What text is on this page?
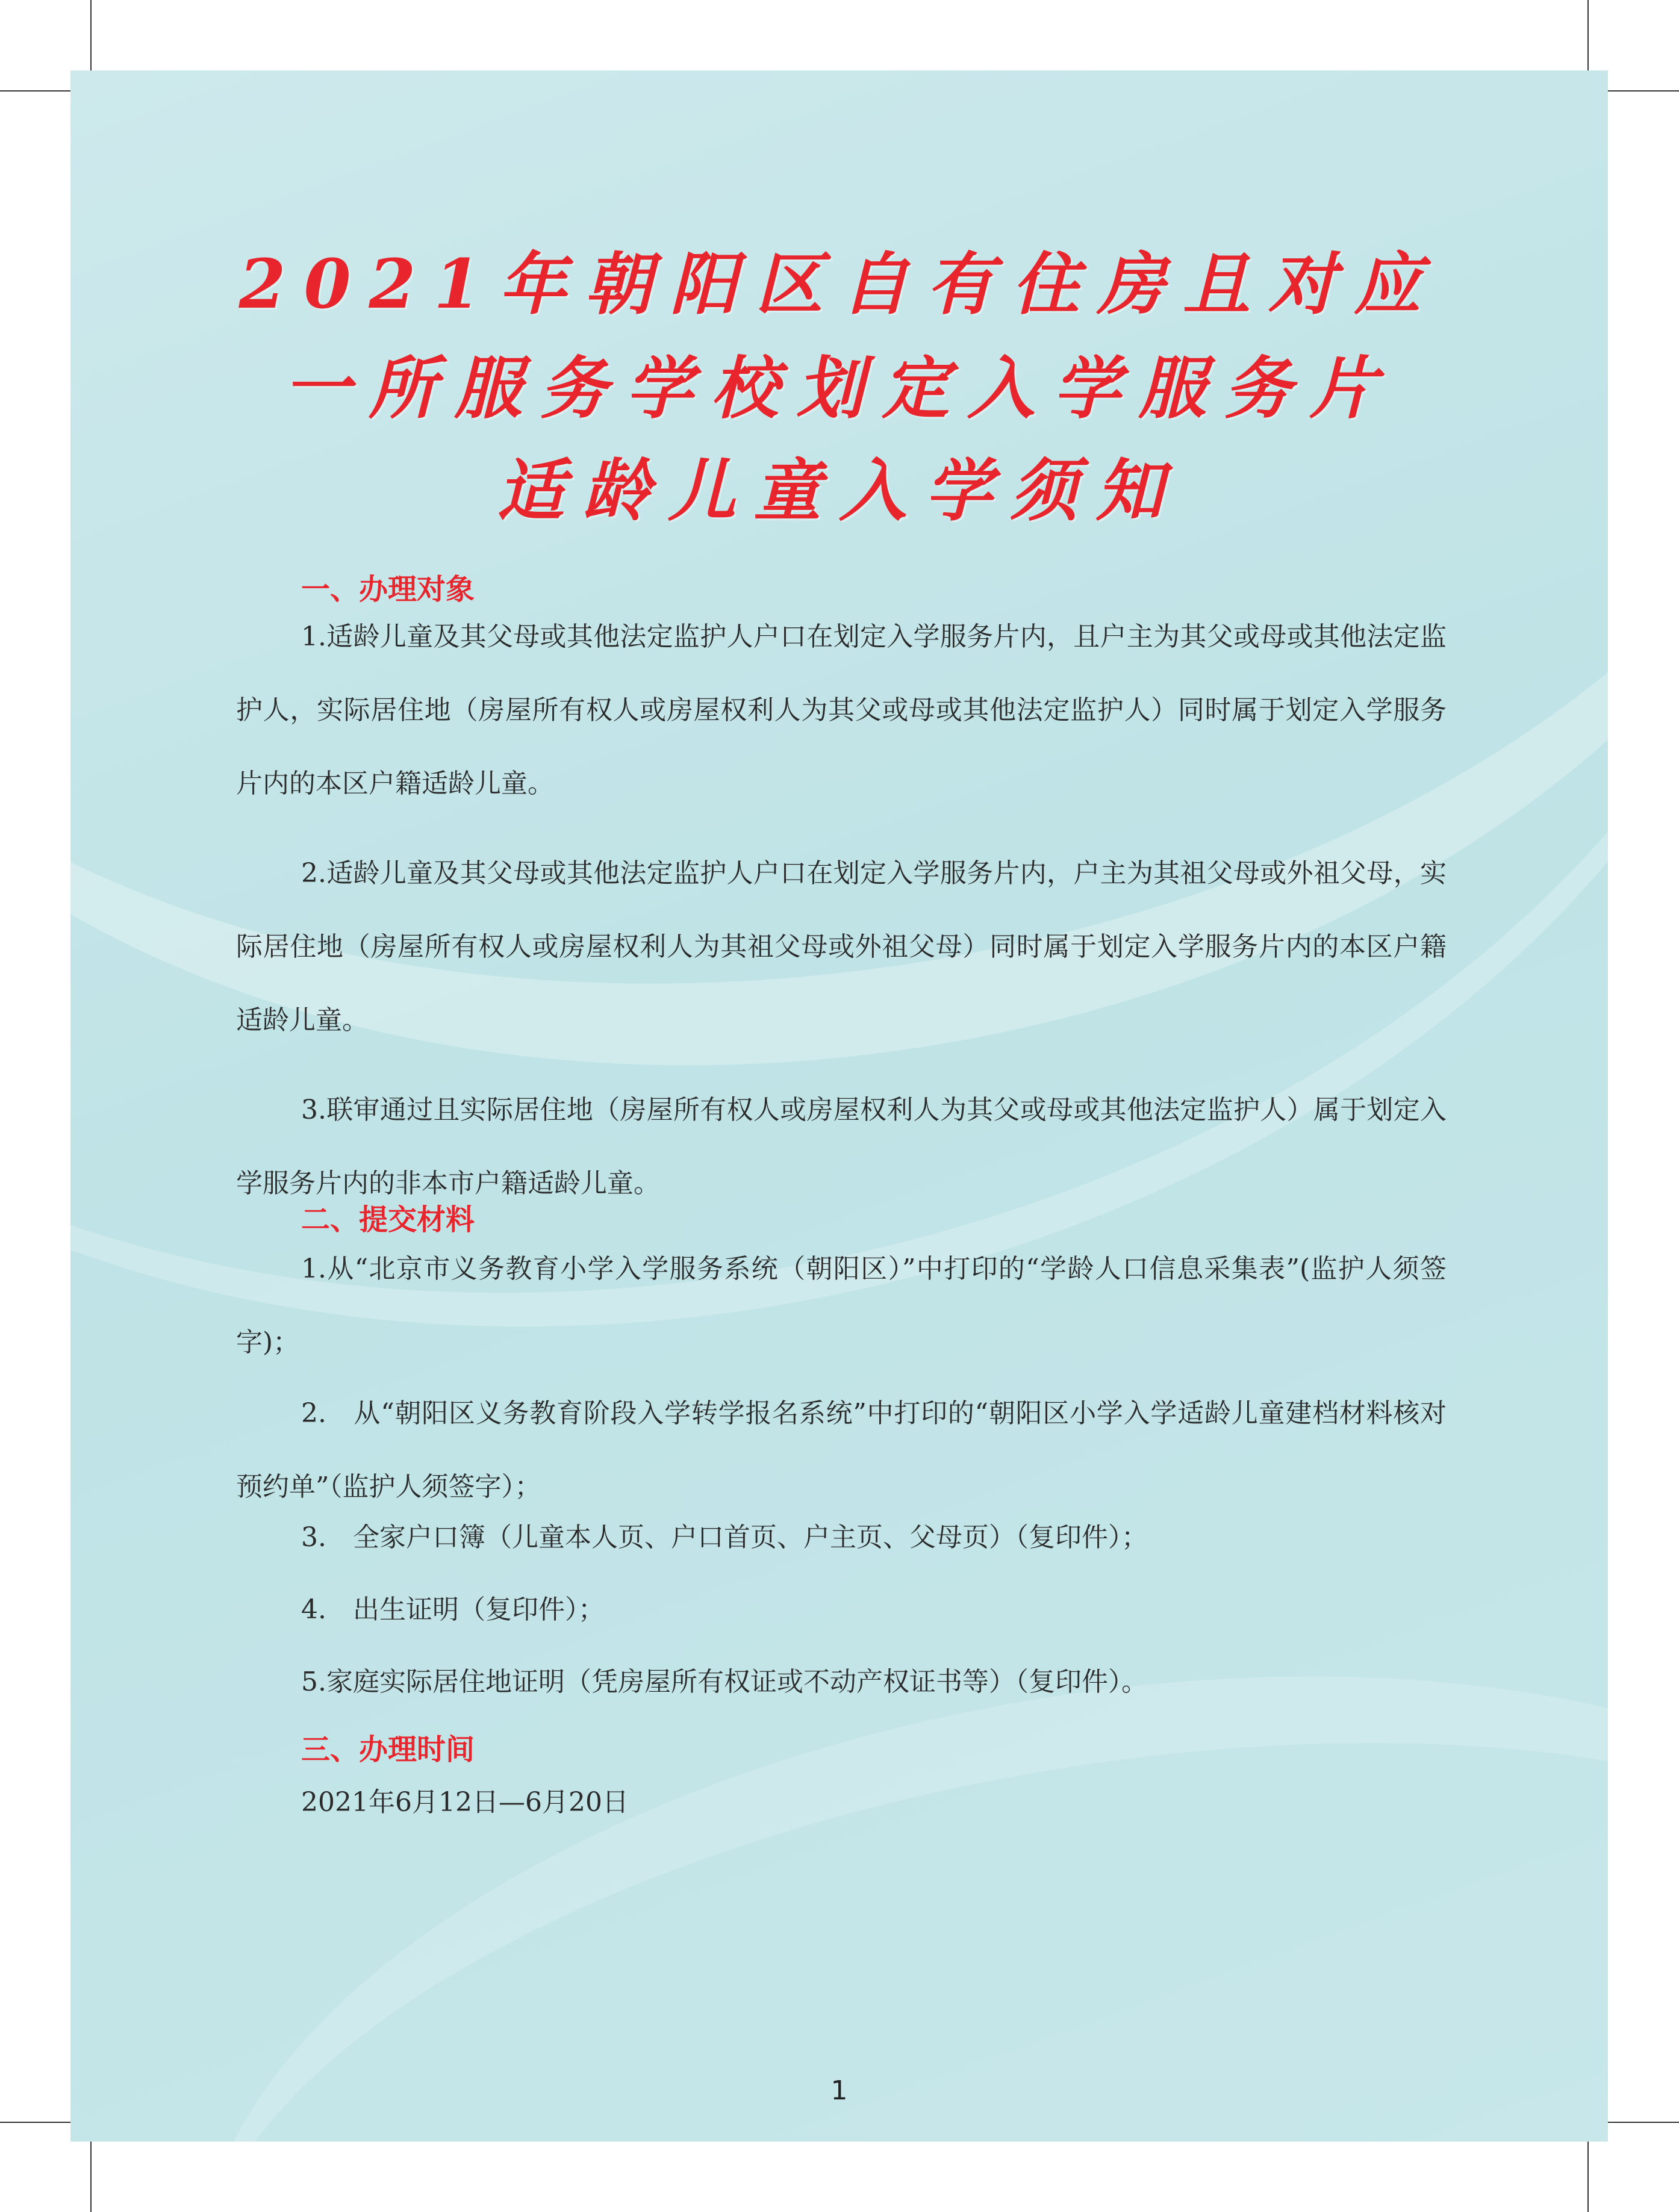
2021年朝阳区自有住房且对应
一所服务学校划定入学服务片
适龄儿童入学须知
一、办理对象
1.适龄儿童及其父母或其他法定监护人户口在划定入学服务片内，且户主为其父或母或其他法定监护人，实际居住地（房屋所有权人或房屋权利人为其父或母或其他法定监护人）同时属于划定入学服务片内的本区户籍适龄儿童。
2.适龄儿童及其父母或其他法定监护人户口在划定入学服务片内，户主为其祖父母或外祖父母，实际居住地（房屋所有权人或房屋权利人为其祖父母或外祖父母）同时属于划定入学服务片内的本区户籍适龄儿童。
3.联审通过且实际居住地（房屋所有权人或房屋权利人为其父或母或其他法定监护人）属于划定入学服务片内的非本市户籍适龄儿童。
二、提交材料
1.从“北京市义务教育小学入学服务系统（朝阳区）”中打印的“学龄人口信息采集表”(监护人须签字)；
2.　从“朝阳区义务教育阶段入学转学报名系统”中打印的“朝阳区小学入学适龄儿童建档材料核对预约单”（监护人须签字）；
3.　全家户口簿（儿童本人页、户口首页、户主页、父母页）（复印件）；
4.　出生证明（复印件）；
5.家庭实际居住地证明（凭房屋所有权证或不动产权证书等）（复印件）。
三、办理时间
2021年6月12日—6月20日
1
